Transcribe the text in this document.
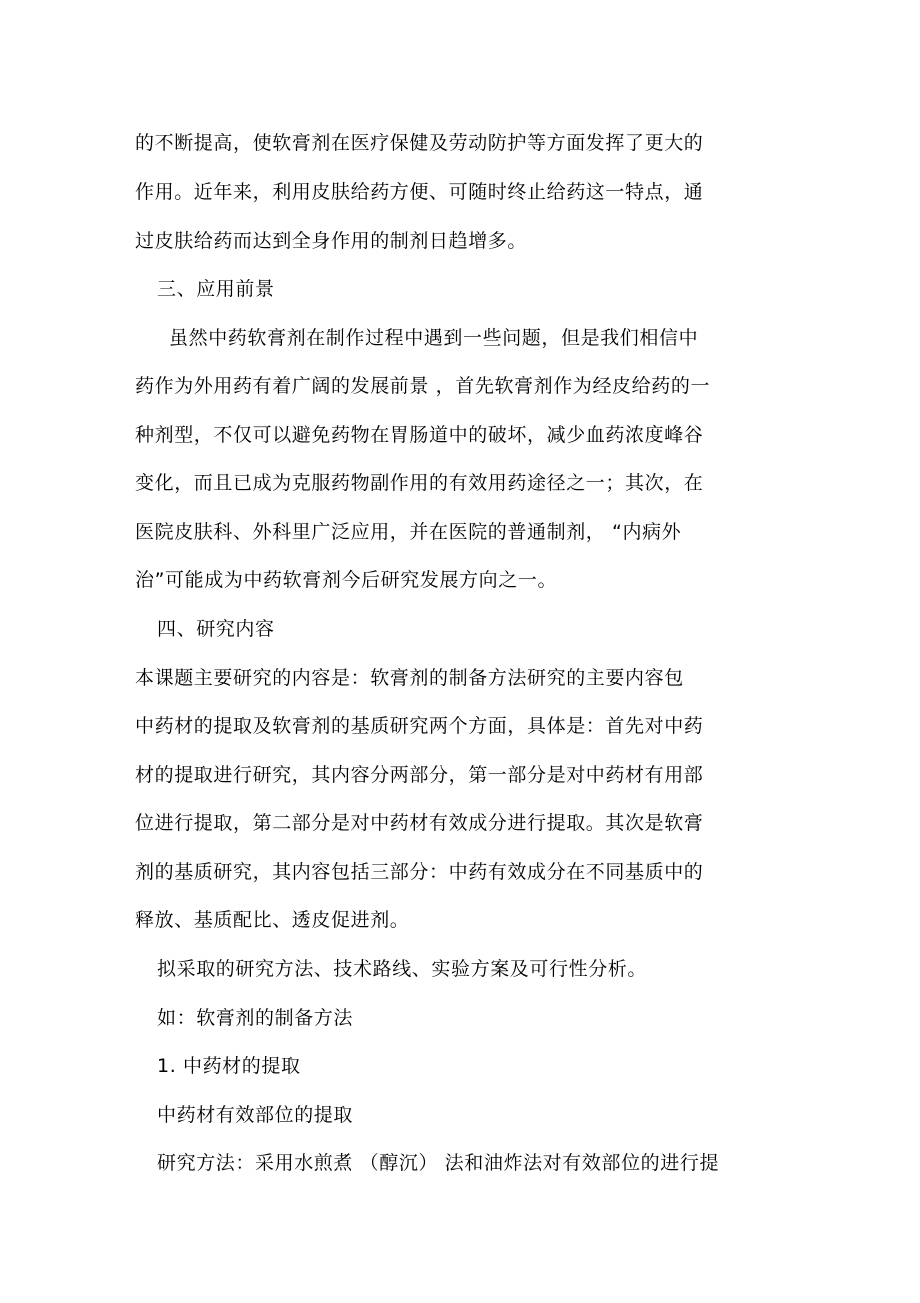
的不断提高，使软膏剂在医疗保健及劳动防护等方面发挥了更大的
作用。近年来，利用皮肤给药方便、可随时终止给药这一特点，通
过皮肤给药而达到全身作用的制剂日趋增多。
三、应用前景
虽然中药软膏剂在制作过程中遇到一些问题，但是我们相信中
药作为外用药有着广阔的发展前景 ，首先软膏剂作为经皮给药的一
种剂型，不仅可以避免药物在胃肠道中的破坏，减少血药浓度峰谷
变化，而且已成为克服药物副作用的有效用药途径之一；其次，在
医院皮肤科、外科里广泛应用，并在医院的普通制剂， “内病外
治”可能成为中药软膏剂今后研究发展方向之一。
四、研究内容
本课题主要研究的内容是：软膏剂的制备方法研究的主要内容包
中药材的提取及软膏剂的基质研究两个方面，具体是：首先对中药
材的提取进行研究，其内容分两部分，第一部分是对中药材有用部
位进行提取，第二部分是对中药材有效成分进行提取。其次是软膏
剂的基质研究，其内容包括三部分：中药有效成分在不同基质中的
释放、基质配比、透皮促进剂。
拟采取的研究方法、技术路线、实验方案及可行性分析。
如：软膏剂的制备方法
1. 中药材的提取
中药材有效部位的提取
研究方法：采用水煎煮 （醇沉） 法和油炸法对有效部位的进行提
